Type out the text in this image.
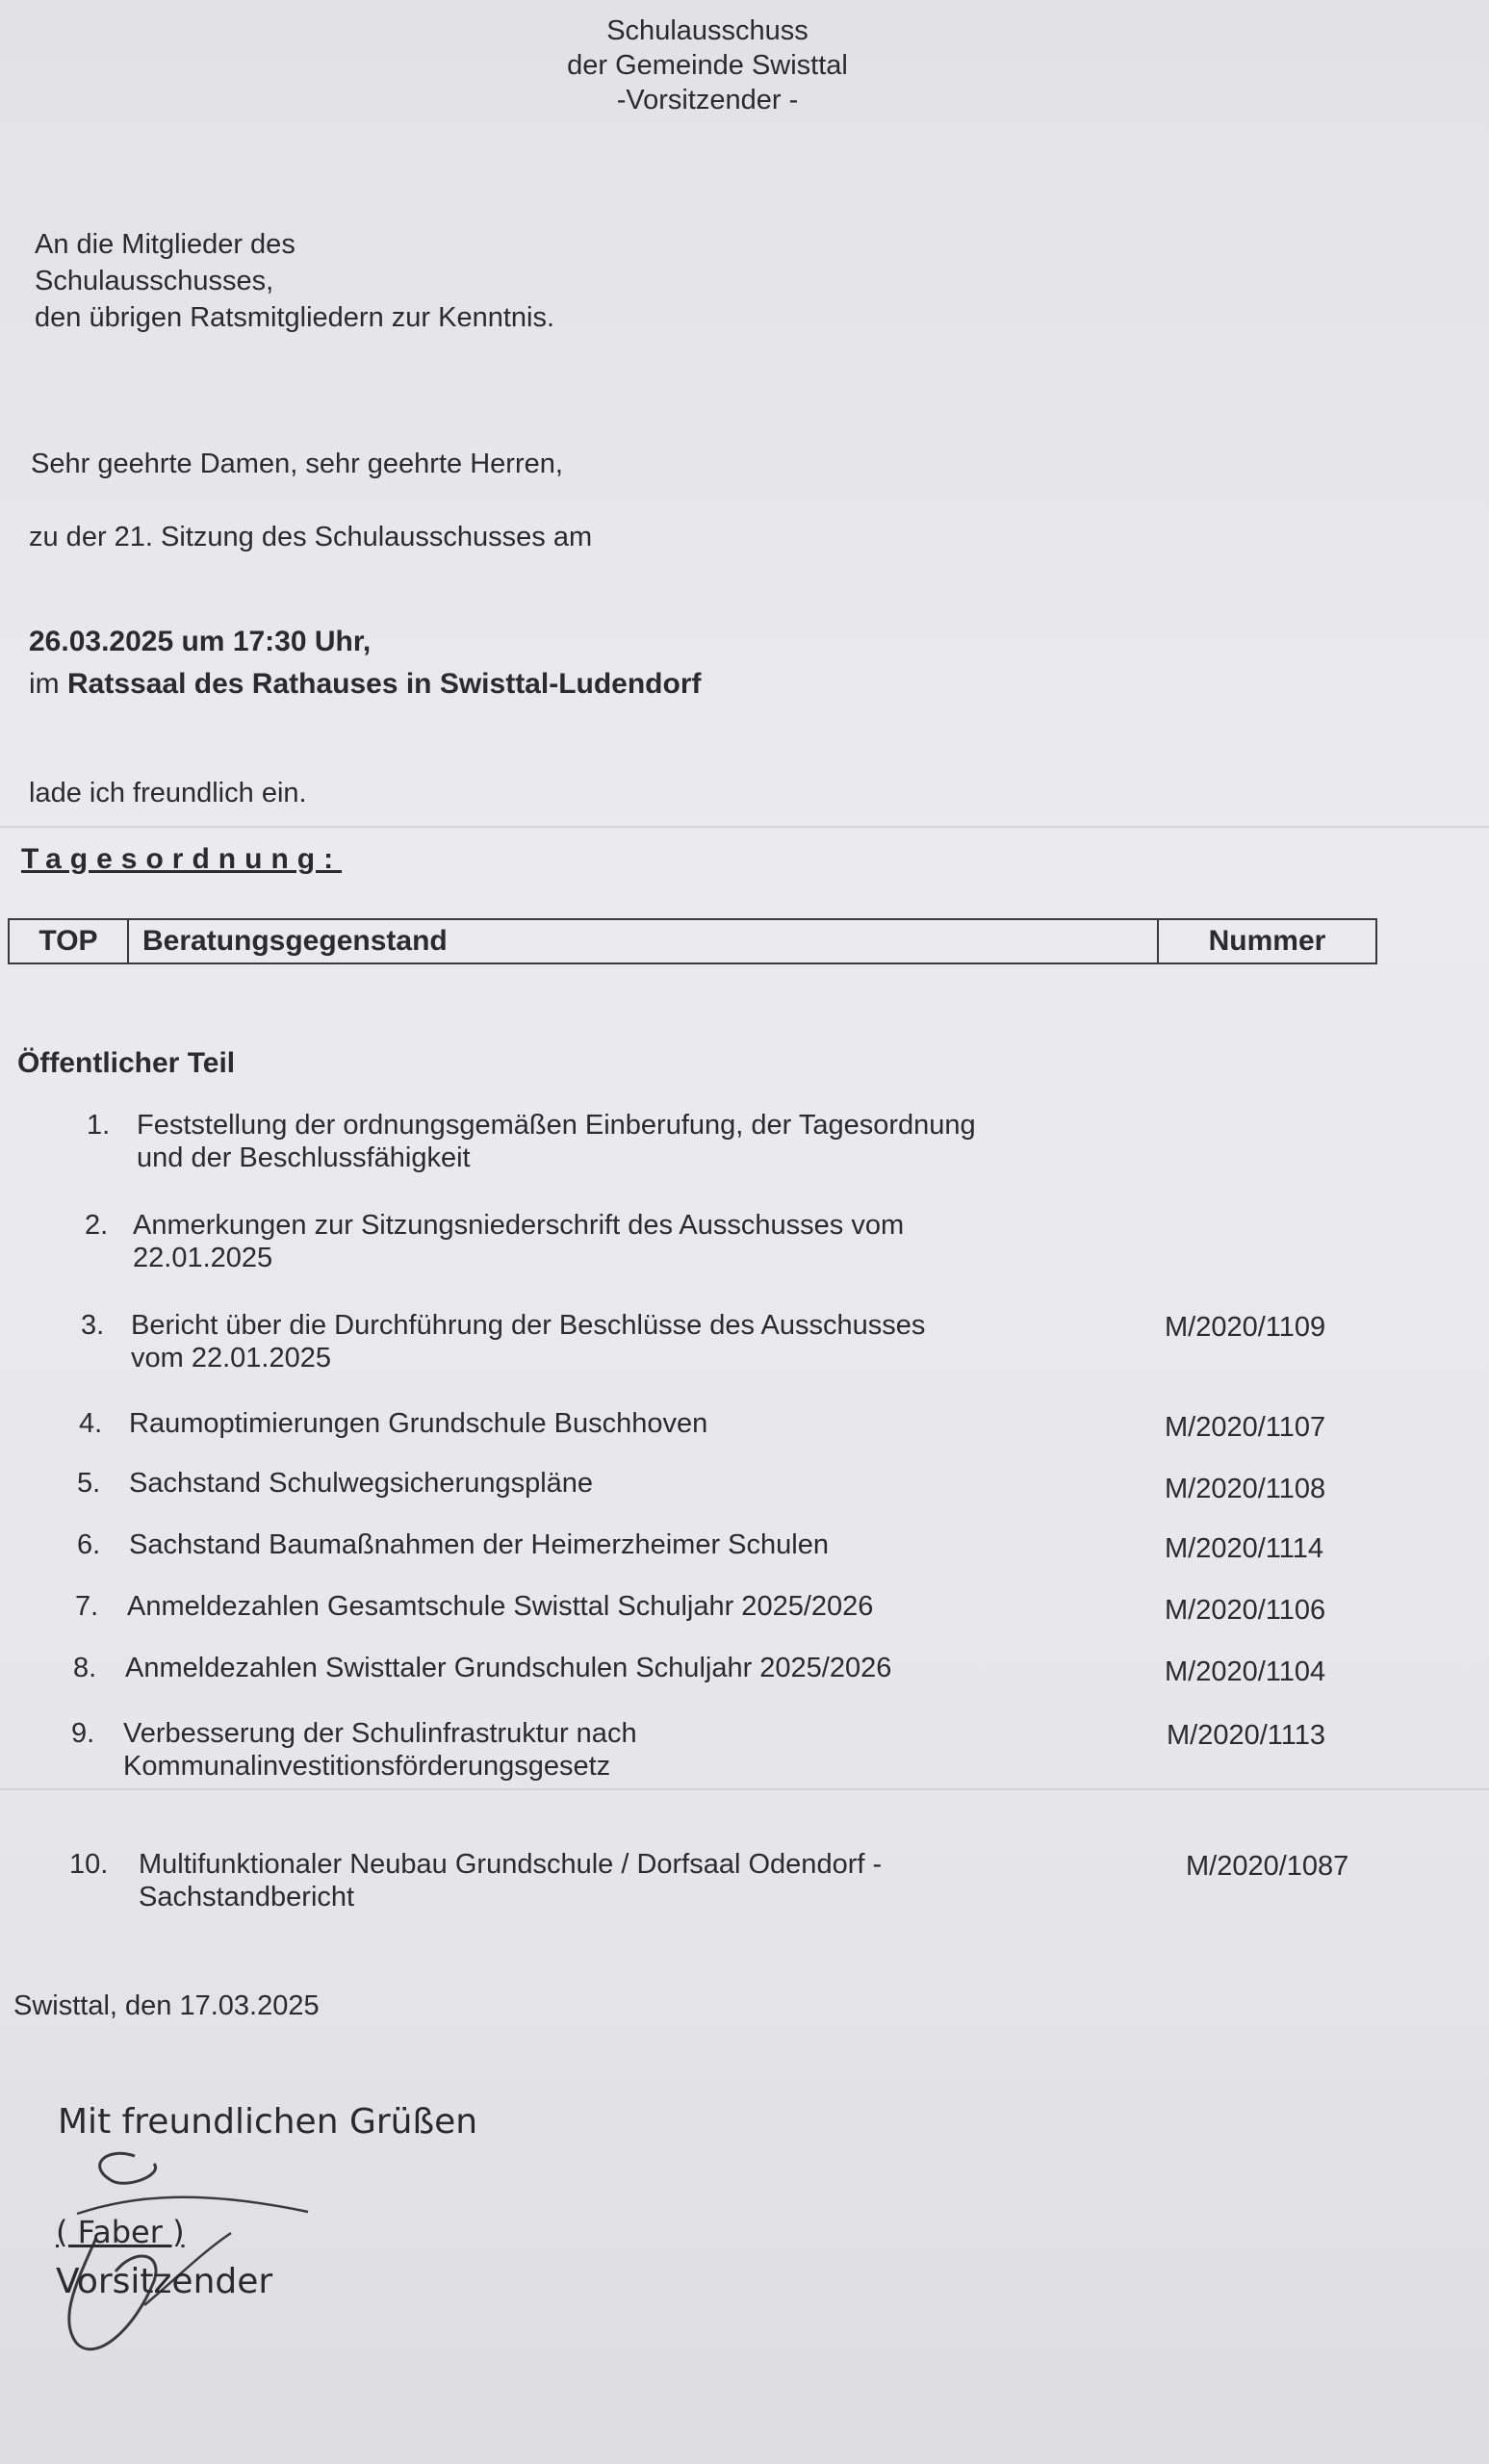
Schulausschuss
der Gemeinde Swisttal
-Vorsitzender -
An die Mitglieder des
Schulausschusses,
den übrigen Ratsmitgliedern zur Kenntnis.
Sehr geehrte Damen, sehr geehrte Herren,
zu der 21. Sitzung des Schulausschusses am
26.03.2025 um 17:30 Uhr,
im Ratssaal des Rathauses in Swisttal-Ludendorf
lade ich freundlich ein.
Tagesordnung:
TOP	Beratungsgegenstand	Nummer
Öffentlicher Teil
1. Feststellung der ordnungsgemäßen Einberufung, der Tagesordnung
und der Beschlussfähigkeit
2. Anmerkungen zur Sitzungsniederschrift des Ausschusses vom
22.01.2025
3. Bericht über die Durchführung der Beschlüsse des Ausschusses
vom 22.01.2025
M/2020/1109
4. Raumoptimierungen Grundschule Buschhoven	M/2020/1107
5. Sachstand Schulwegsicherungspläne	M/2020/1108
6. Sachstand Baumaßnahmen der Heimerzheimer Schulen	M/2020/1114
7. Anmeldezahlen Gesamtschule Swisttal Schuljahr 2025/2026	M/2020/1106
8. Anmeldezahlen Swisttaler Grundschulen Schuljahr 2025/2026	M/2020/1104
9. Verbesserung der Schulinfrastruktur nach
Kommunalinvestitionsförderungsgesetz
M/2020/1113
10. Multifunktionaler Neubau Grundschule / Dorfsaal Odendorf -
Sachstandbericht
M/2020/1087
Swisttal, den 17.03.2025
Mit freundlichen Grüßen
( Faber )
Vorsitzender
